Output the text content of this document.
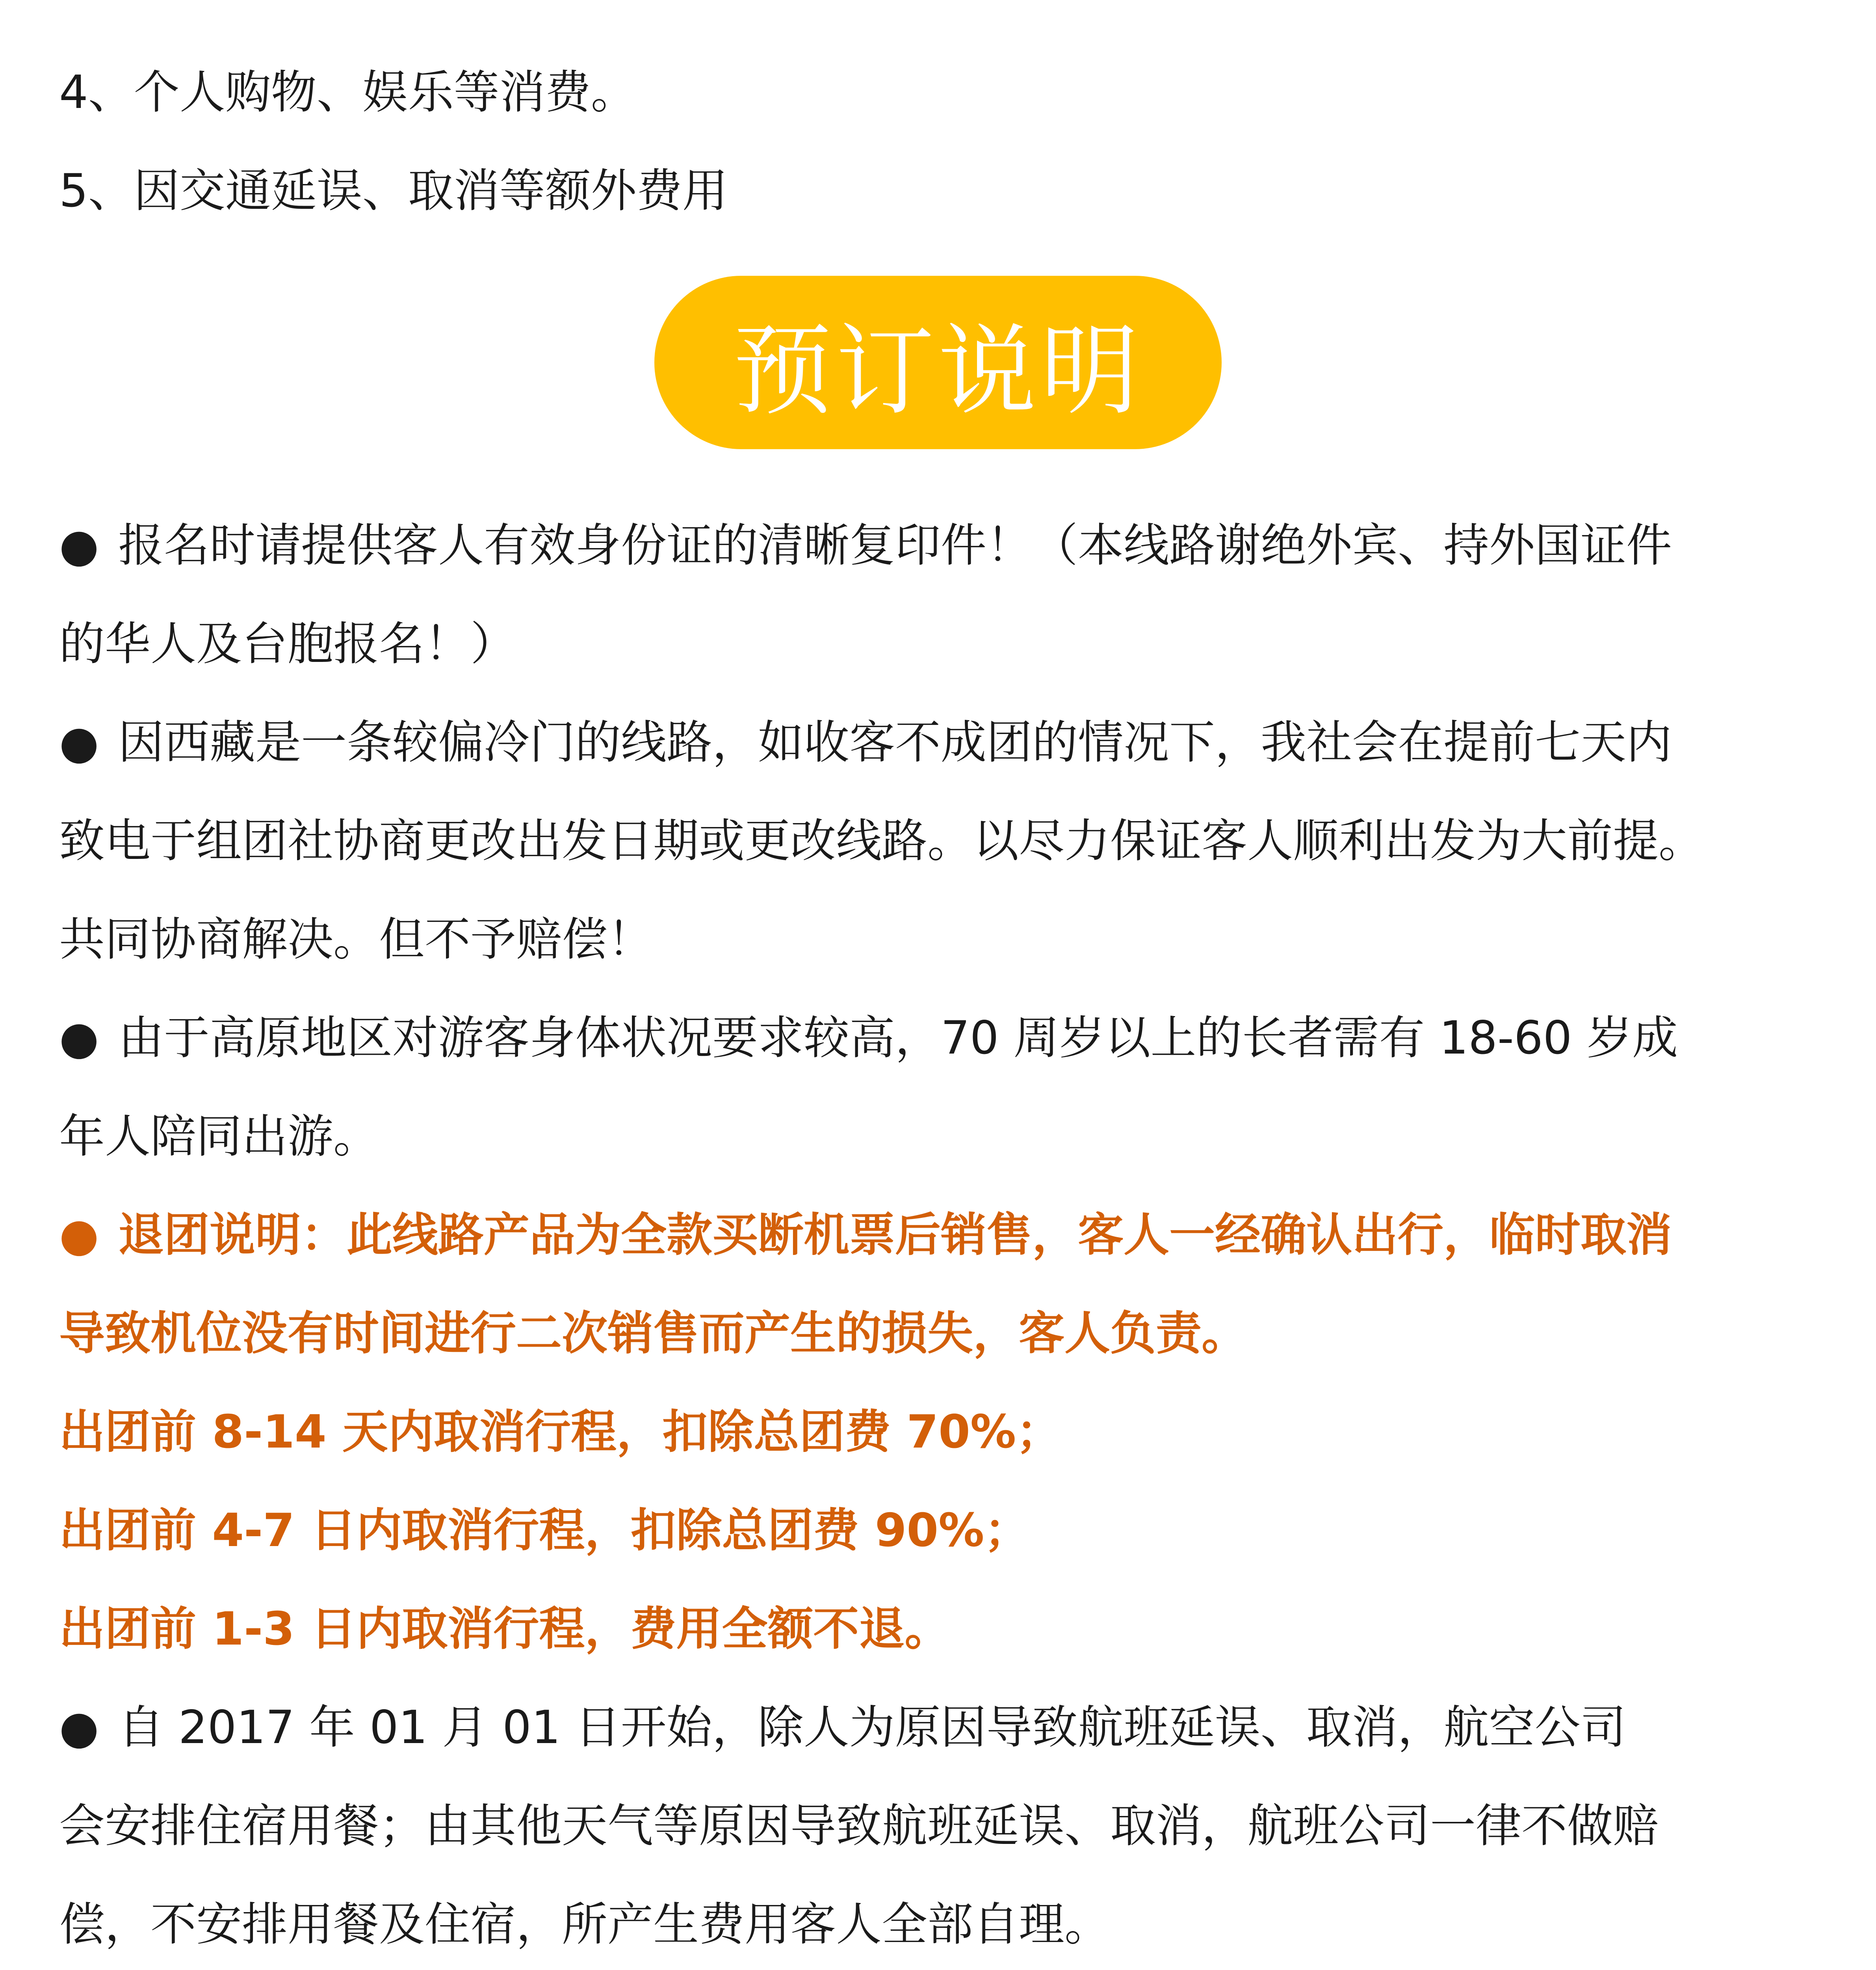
4、个人购物、娱乐等消费。

5、因交通延误、取消等额外费用

预订说明

● 报名时请提供客人有效身份证的清晰复印件！（本线路谢绝外宾、持外国证件

的华人及台胞报名！）

● 因西藏是一条较偏冷门的线路，如收客不成团的情况下，我社会在提前七天内

致电于组团社协商更改出发日期或更改线路。以尽力保证客人顺利出发为大前提。

共同协商解决。但不予赔偿！

● 由于高原地区对游客身体状况要求较高，70 周岁以上的长者需有 18-60 岁成

年人陪同出游。

● 退团说明：此线路产品为全款买断机票后销售，客人一经确认出行，临时取消

导致机位没有时间进行二次销售而产生的损失，客人负责。

出团前 8-14 天内取消行程，扣除总团费 70%；

出团前 4-7 日内取消行程，扣除总团费 90%；

出团前 1-3 日内取消行程，费用全额不退。

● 自 2017 年 01 月 01 日开始，除人为原因导致航班延误、取消，航空公司

会安排住宿用餐；由其他天气等原因导致航班延误、取消，航班公司一律不做赔

偿，不安排用餐及住宿，所产生费用客人全部自理。
